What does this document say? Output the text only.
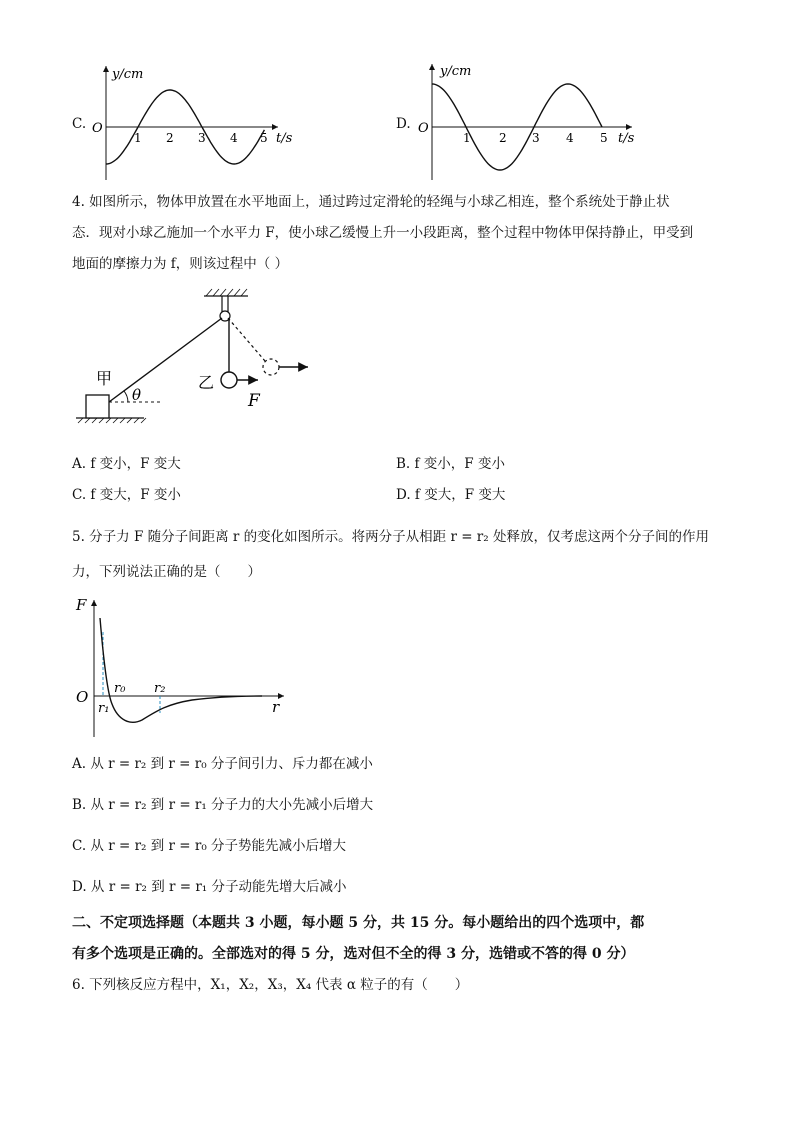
C.
y/cm
t/s
O
1 2 3 4 5
D.
y/cm
t/s
O
1 2 3 4 5
4. 如图所示，物体甲放置在水平地面上，通过跨过定滑轮的轻绳与小球乙相连，整个系统处于静止状
态．现对小球乙施加一个水平力 F，使小球乙缓慢上升一小段距离，整个过程中物体甲保持静止，甲受到
地面的摩擦力为 f，则该过程中（ ）
甲
θ
乙
F
A. f 变小，F 变大	B. f 变小，F 变小
C. f 变大，F 变小	D. f 变大，F 变大
5. 分子力 F 随分子间距离 r 的变化如图所示。将两分子从相距 r = r₂ 处释放，仅考虑这两个分子间的作用
力，下列说法正确的是（　　）
F
O
r
r₀ r₂
r₁
A. 从 r = r₂ 到 r = r₀ 分子间引力、斥力都在减小
B. 从 r = r₂ 到 r = r₁ 分子力的大小先减小后增大
C. 从 r = r₂ 到 r = r₀ 分子势能先减小后增大
D. 从 r = r₂ 到 r = r₁ 分子动能先增大后减小
二、不定项选择题（本题共 3 小题，每小题 5 分，共 15 分。每小题给出的四个选项中，都
有多个选项是正确的。全部选对的得 5 分，选对但不全的得 3 分，选错或不答的得 0 分）
6. 下列核反应方程中，X₁，X₂，X₃，X₄ 代表 α 粒子的有（　　）
